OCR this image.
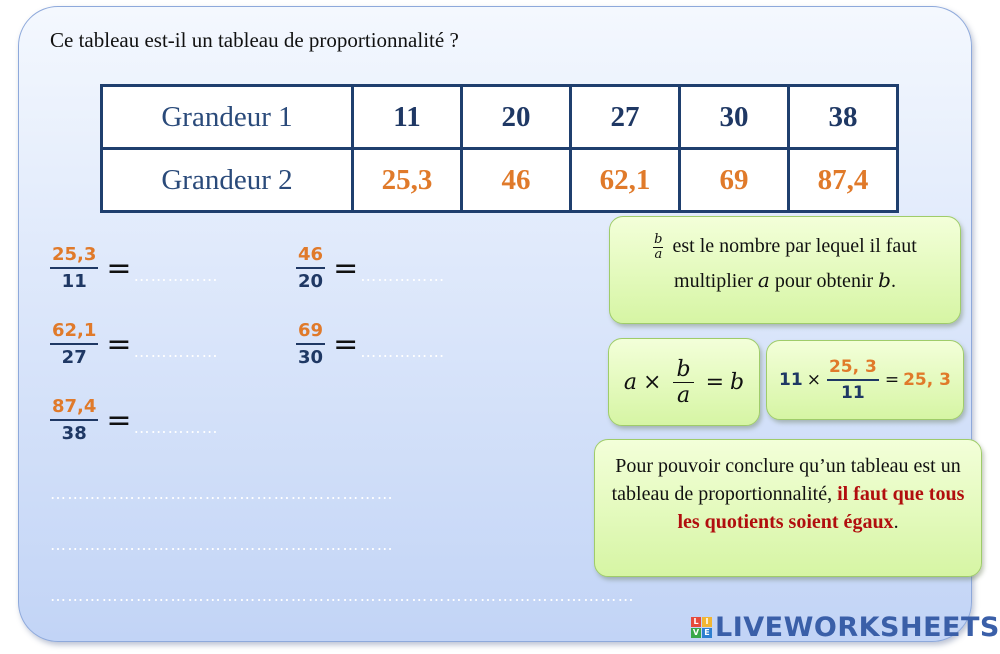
Ce tableau est-il un tableau de proportionnalité ?
Grandeur 1	11	20	27	30	38
Grandeur 2	25,3	46	62,1	69	87,4
$\frac{25,3}{11}$ = ……………	$\frac{46}{20}$ = ……………
$\frac{62,1}{27}$ = ……………	$\frac{69}{30}$ = ……………
$\frac{87,4}{38}$ = ……………
……………………………………………………
……………………………………………………
…………………………………………………………………………………………
$\frac{b}{a}$ est le nombre par lequel il faut
multiplier a pour obtenir b.
$a \times \frac{b}{a} = b$ $11 \times \frac{25, 3}{11} = 25$, 3
Pour pouvoir conclure qu’un tableau est un tableau de proportionnalité, il faut que tous les quotients soient égaux.
L I
V E LIVEWORKSHEETS
